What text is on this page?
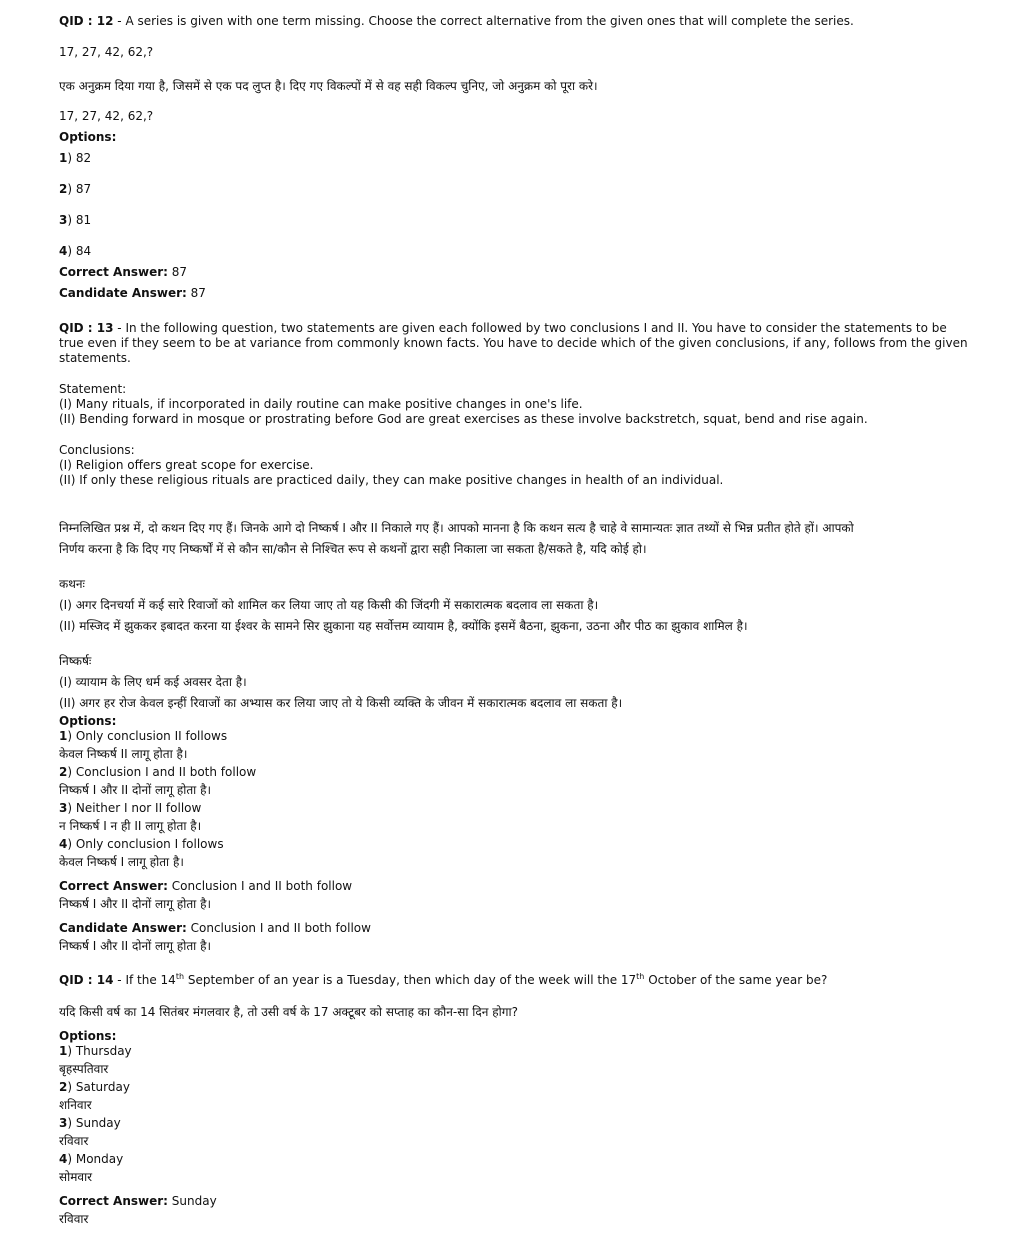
QID : 12 - A series is given with one term missing. Choose the correct alternative from the given ones that will complete the series.
17, 27, 42, 62,?
एक अनुक्रम दिया गया है, जिसमें से एक पद लुप्त है। दिए गए विकल्पों में से वह सही विकल्प चुनिए, जो अनुक्रम को पूरा करे।
17, 27, 42, 62,?
Options:
1) 82
2) 87
3) 81
4) 84
Correct Answer: 87
Candidate Answer: 87
QID : 13 - In the following question, two statements are given each followed by two conclusions I and II. You have to consider the statements to be true even if they seem to be at variance from commonly known facts. You have to decide which of the given conclusions, if any, follows from the given statements.
Statement:
(I) Many rituals, if incorporated in daily routine can make positive changes in one's life.
(II) Bending forward in mosque or prostrating before God are great exercises as these involve backstretch, squat, bend and rise again.
Conclusions:
(I) Religion offers great scope for exercise.
(II) If only these religious rituals are practiced daily, they can make positive changes in health of an individual.
निम्नलिखित प्रश्न में, दो कथन दिए गए हैं। जिनके आगे दो निष्कर्ष I और II निकाले गए हैं। आपको मानना है कि कथन सत्य है चाहे वे सामान्यतः ज्ञात तथ्यों से भिन्न प्रतीत होते हों। आपको
निर्णय करना है कि दिए गए निष्कर्षों में से कौन सा/कौन से निश्चित रूप से कथनों द्वारा सही निकाला जा सकता है/सकते है, यदि कोई हो।
कथनः
(I) अगर दिनचर्या में कई सारे रिवाजों को शामिल कर लिया जाए तो यह किसी की जिंदगी में सकारात्मक बदलाव ला सकता है।
(II) मस्जिद में झुककर इबादत करना या ईश्वर के सामने सिर झुकाना यह सर्वोत्तम व्यायाम है, क्योंकि इसमें बैठना, झुकना, उठना और पीठ का झुकाव शामिल है।
निष्कर्षः
(I) व्यायाम के लिए धर्म कई अवसर देता है।
(II) अगर हर रोज केवल इन्हीं रिवाजों का अभ्यास कर लिया जाए तो ये किसी व्यक्ति के जीवन में सकारात्मक बदलाव ला सकता है।
Options:
1) Only conclusion II follows
केवल निष्कर्ष II लागू होता है।
2) Conclusion I and II both follow
निष्कर्ष I और II दोनों लागू होता है।
3) Neither I nor II follow
न निष्कर्ष I न ही II लागू होता है।
4) Only conclusion I follows
केवल निष्कर्ष I लागू होता है।
Correct Answer: Conclusion I and II both follow
निष्कर्ष I और II दोनों लागू होता है।
Candidate Answer: Conclusion I and II both follow
निष्कर्ष I और II दोनों लागू होता है।
QID : 14 - If the 14th September of an year is a Tuesday, then which day of the week will the 17th October of the same year be?
यदि किसी वर्ष का 14 सितंबर मंगलवार है, तो उसी वर्ष के 17 अक्टूबर को सप्ताह का कौन-सा दिन होगा?
Options:
1) Thursday
बृहस्पतिवार
2) Saturday
शनिवार
3) Sunday
रविवार
4) Monday
सोमवार
Correct Answer: Sunday
रविवार
